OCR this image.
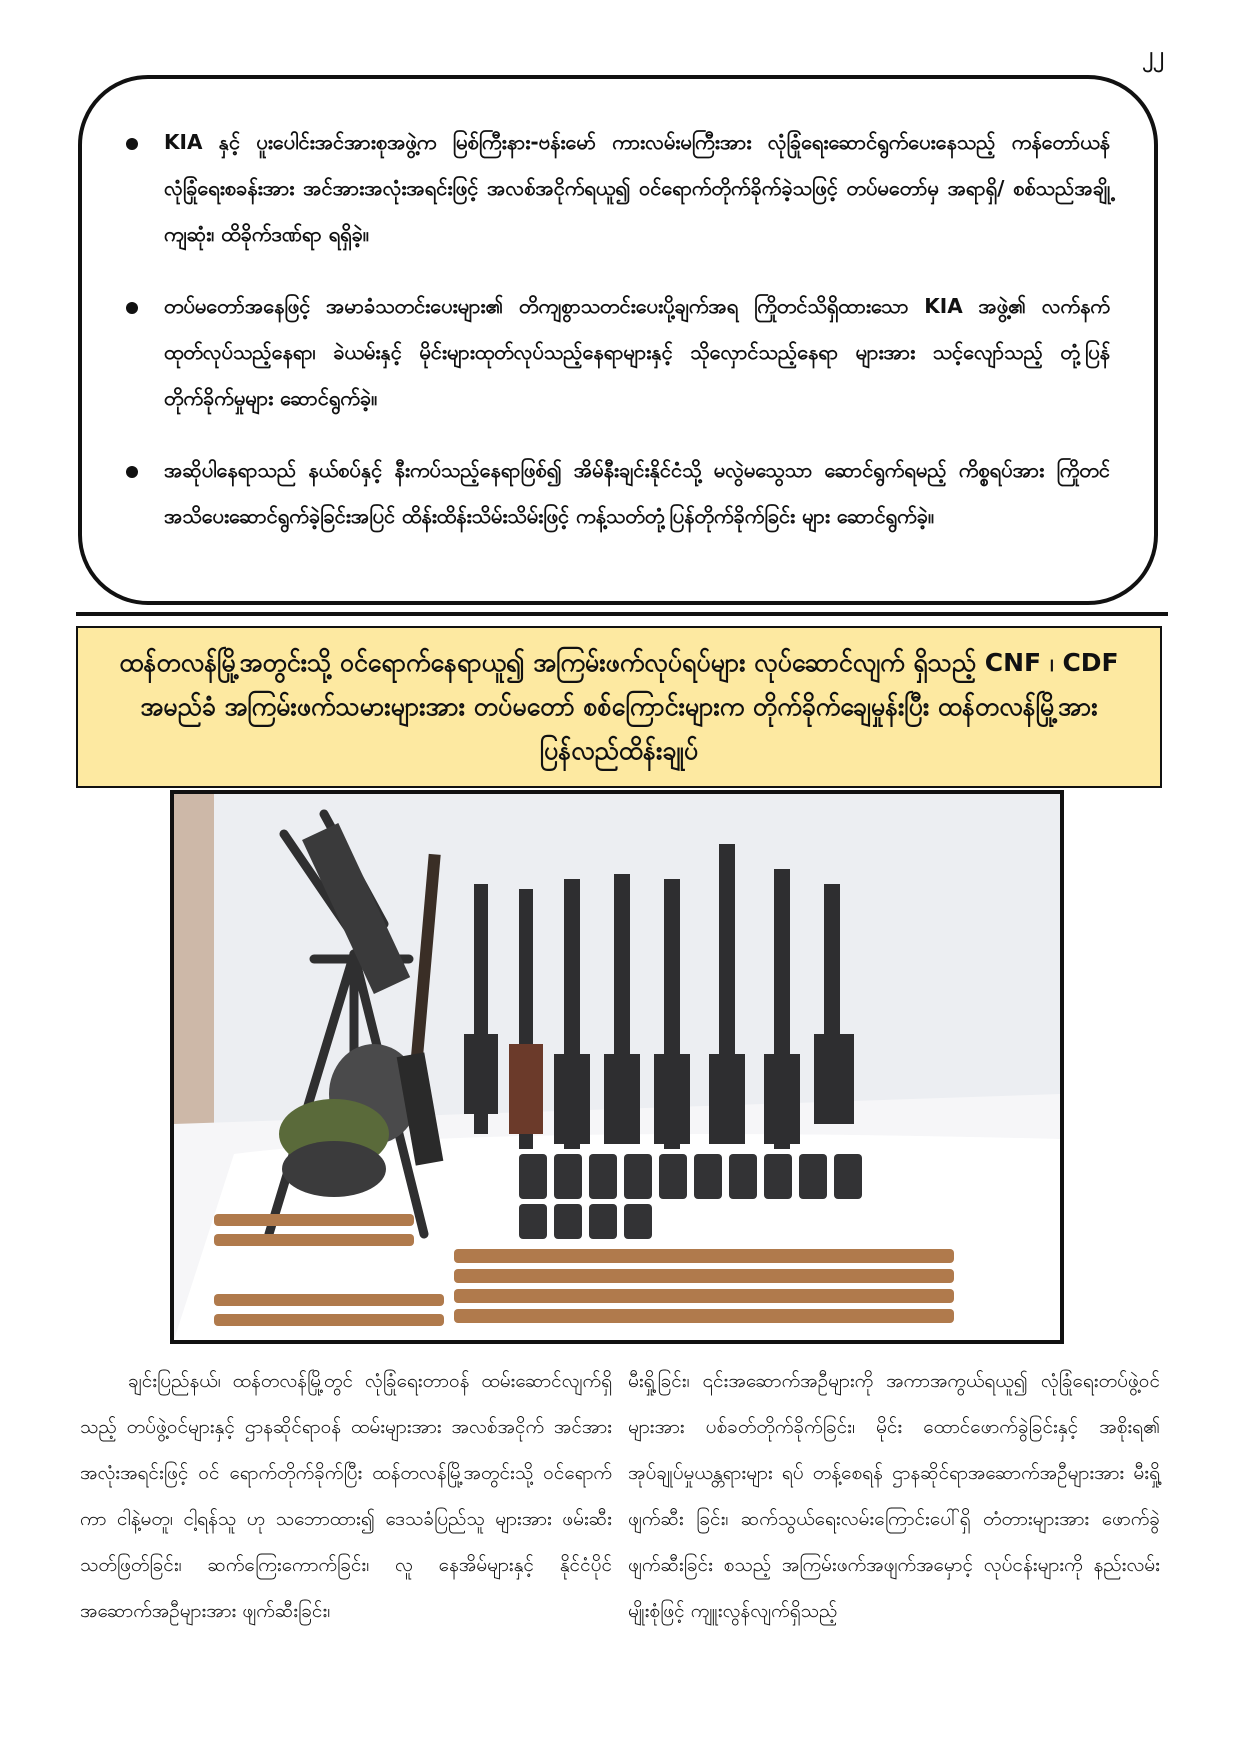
၂၂
KIA နှင့် ပူးပေါင်းအင်အားစုအဖွဲ့က မြစ်ကြီးနား-ဗန်းမော် ကားလမ်းမကြီးအား လုံခြုံရေးဆောင်ရွက်ပေးနေသည့် ကန်တော်ယန်လုံခြုံရေးစခန်းအား အင်အားအလုံးအရင်းဖြင့် အလစ်အငိုက်ရယူ၍ ဝင်ရောက်တိုက်ခိုက်ခဲ့သဖြင့် တပ်မတော်မှ အရာရှိ/ စစ်သည်အချို့ ကျဆုံး၊ ထိခိုက်ဒဏ်ရာ ရရှိခဲ့။
တပ်မတော်အနေဖြင့် အမာခံသတင်းပေးများ၏ တိကျစွာသတင်းပေးပို့ချက်အရ ကြိုတင်သိရှိထားသော KIA အဖွဲ့၏ လက်နက်ထုတ်လုပ်သည့်နေရာ၊ ခဲယမ်းနှင့် မိုင်းများထုတ်လုပ်သည့်နေရာများနှင့် သိုလှောင်သည့်နေရာ များအား သင့်လျော်သည့် တုံ့ပြန်တိုက်ခိုက်မှုများ ဆောင်ရွက်ခဲ့။
အဆိုပါနေရာသည် နယ်စပ်နှင့် နီးကပ်သည့်နေရာဖြစ်၍ အိမ်နီးချင်းနိုင်ငံသို့ မလွဲမသွေသာ ဆောင်ရွက်ရမည့် ကိစ္စရပ်အား ကြိုတင်အသိပေးဆောင်ရွက်ခဲ့ခြင်းအပြင် ထိန်းထိန်းသိမ်းသိမ်းဖြင့် ကန့်သတ်တုံ့ပြန်တိုက်ခိုက်ခြင်း များ ဆောင်ရွက်ခဲ့။
ထန်တလန်မြို့အတွင်းသို့ ဝင်ရောက်နေရာယူ၍ အကြမ်းဖက်လုပ်ရပ်များ လုပ်ဆောင်လျက် ရှိသည့် CNF ၊ CDF အမည်ခံ အကြမ်းဖက်သမားများအား တပ်မတော် စစ်ကြောင်းများက တိုက်ခိုက်ချေမှုန်းပြီး ထန်တလန်မြို့အား ပြန်လည်ထိန်းချုပ်
ချင်းပြည်နယ်၊ ထန်တလန်မြို့တွင် လုံခြုံရေးတာဝန် ထမ်းဆောင်လျက်ရှိသည့် တပ်ဖွဲ့ဝင်များနှင့် ဌာနဆိုင်ရာဝန် ထမ်းများအား အလစ်အငိုက် အင်အားအလုံးအရင်းဖြင့် ဝင် ရောက်တိုက်ခိုက်ပြီး ထန်တလန်မြို့အတွင်းသို့ ဝင်ရောက် ကာ ငါနဲ့မတူ၊ ငါ့ရန်သူ ဟု သဘောထား၍ ဒေသခံပြည်သူ များအား ဖမ်းဆီးသတ်ဖြတ်ခြင်း၊ ဆက်ကြေးကောက်ခြင်း၊ လူ နေအိမ်များနှင့် နိုင်ငံပိုင်အဆောက်အဦများအား ဖျက်ဆီးခြင်း၊
မီးရှို့ခြင်း၊ ၎င်းအဆောက်အဦများကို အကာအကွယ်ရယူ၍ လုံခြုံရေးတပ်ဖွဲ့ဝင်များအား ပစ်ခတ်တိုက်ခိုက်ခြင်း၊ မိုင်း ထောင်ဖောက်ခွဲခြင်းနှင့် အစိုးရ၏ အုပ်ချုပ်မှုယန္တရားများ ရပ် တန့်စေရန် ဌာနဆိုင်ရာအဆောက်အဦများအား မီးရှို့ဖျက်ဆီး ခြင်း၊ ဆက်သွယ်ရေးလမ်းကြောင်းပေါ်ရှိ တံတားများအား ဖောက်ခွဲဖျက်ဆီးခြင်း စသည့် အကြမ်းဖက်အဖျက်အမှောင့် လုပ်ငန်းများကို နည်းလမ်းမျိုးစုံဖြင့် ကျူးလွန်လျက်ရှိသည့်
